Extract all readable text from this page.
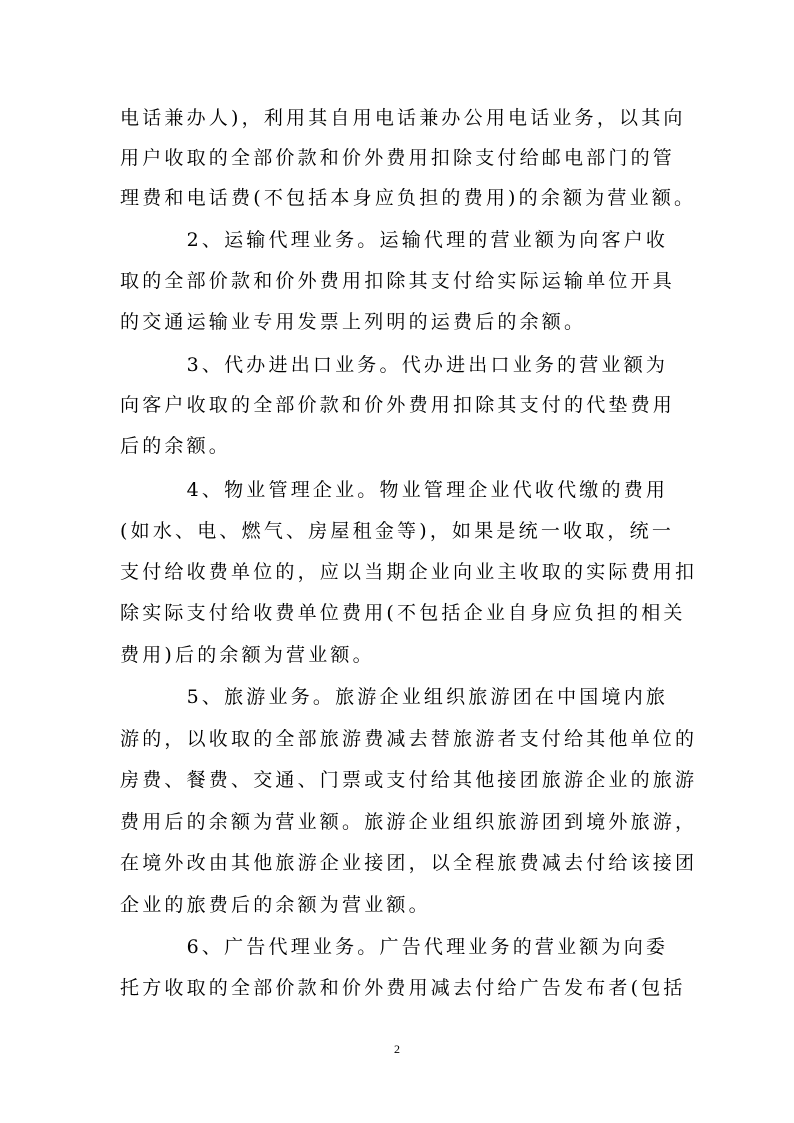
电话兼办人)，利用其自用电话兼办公用电话业务，以其向
用户收取的全部价款和价外费用扣除支付给邮电部门的管
理费和电话费(不包括本身应负担的费用)的余额为营业额。
　　　2、运输代理业务。运输代理的营业额为向客户收
取的全部价款和价外费用扣除其支付给实际运输单位开具
的交通运输业专用发票上列明的运费后的余额。
　　　3、代办进出口业务。代办进出口业务的营业额为
向客户收取的全部价款和价外费用扣除其支付的代垫费用
后的余额。
　　　4、物业管理企业。物业管理企业代收代缴的费用
(如水、电、燃气、房屋租金等)，如果是统一收取，统一
支付给收费单位的，应以当期企业向业主收取的实际费用扣
除实际支付给收费单位费用(不包括企业自身应负担的相关
费用)后的余额为营业额。
　　　5、旅游业务。旅游企业组织旅游团在中国境内旅
游的，以收取的全部旅游费减去替旅游者支付给其他单位的
房费、餐费、交通、门票或支付给其他接团旅游企业的旅游
费用后的余额为营业额。旅游企业组织旅游团到境外旅游，
在境外改由其他旅游企业接团，以全程旅费减去付给该接团
企业的旅费后的余额为营业额。
　　　6、广告代理业务。广告代理业务的营业额为向委
托方收取的全部价款和价外费用减去付给广告发布者(包括
2
